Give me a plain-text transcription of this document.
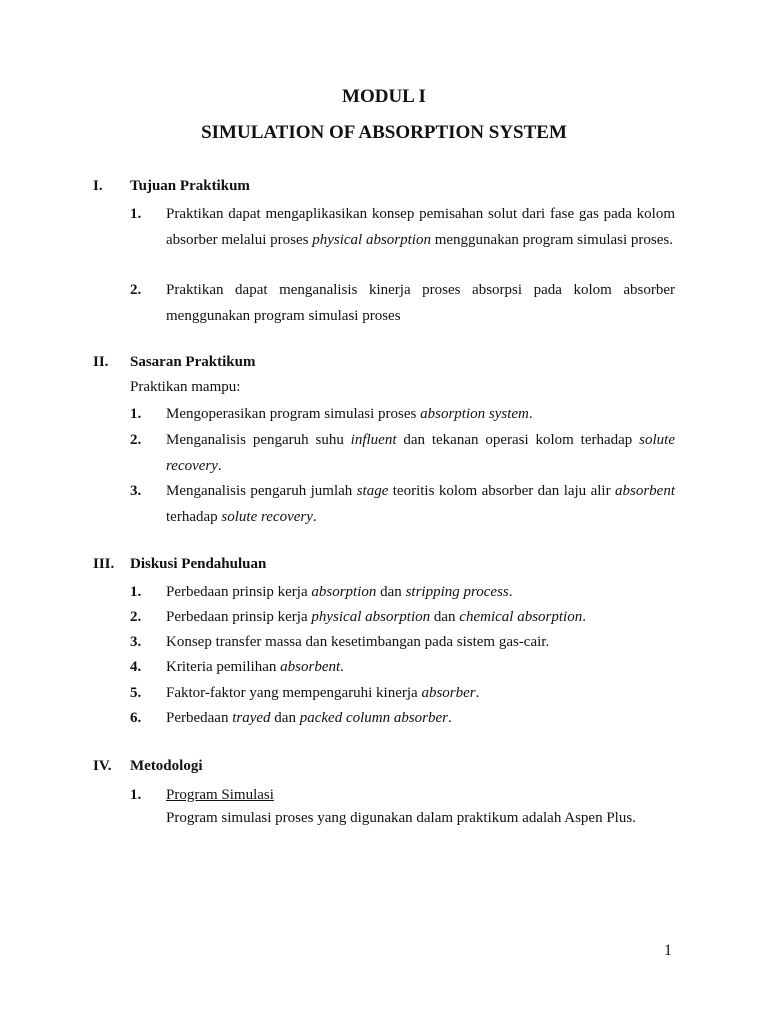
MODUL I
SIMULATION OF ABSORPTION SYSTEM
I. Tujuan Praktikum
1. Praktikan dapat mengaplikasikan konsep pemisahan solut dari fase gas pada kolom absorber melalui proses physical absorption menggunakan program simulasi proses.
2. Praktikan dapat menganalisis kinerja proses absorpsi pada kolom absorber menggunakan program simulasi proses
II. Sasaran Praktikum
Praktikan mampu:
1. Mengoperasikan program simulasi proses absorption system.
2. Menganalisis pengaruh suhu influent dan tekanan operasi kolom terhadap solute recovery.
3. Menganalisis pengaruh jumlah stage teoritis kolom absorber dan laju alir absorbent terhadap solute recovery.
III. Diskusi Pendahuluan
1. Perbedaan prinsip kerja absorption dan stripping process.
2. Perbedaan prinsip kerja physical absorption dan chemical absorption.
3. Konsep transfer massa dan kesetimbangan pada sistem gas-cair.
4. Kriteria pemilihan absorbent.
5. Faktor-faktor yang mempengaruhi kinerja absorber.
6. Perbedaan trayed dan packed column absorber.
IV. Metodologi
1. Program Simulasi
Program simulasi proses yang digunakan dalam praktikum adalah Aspen Plus.
1
